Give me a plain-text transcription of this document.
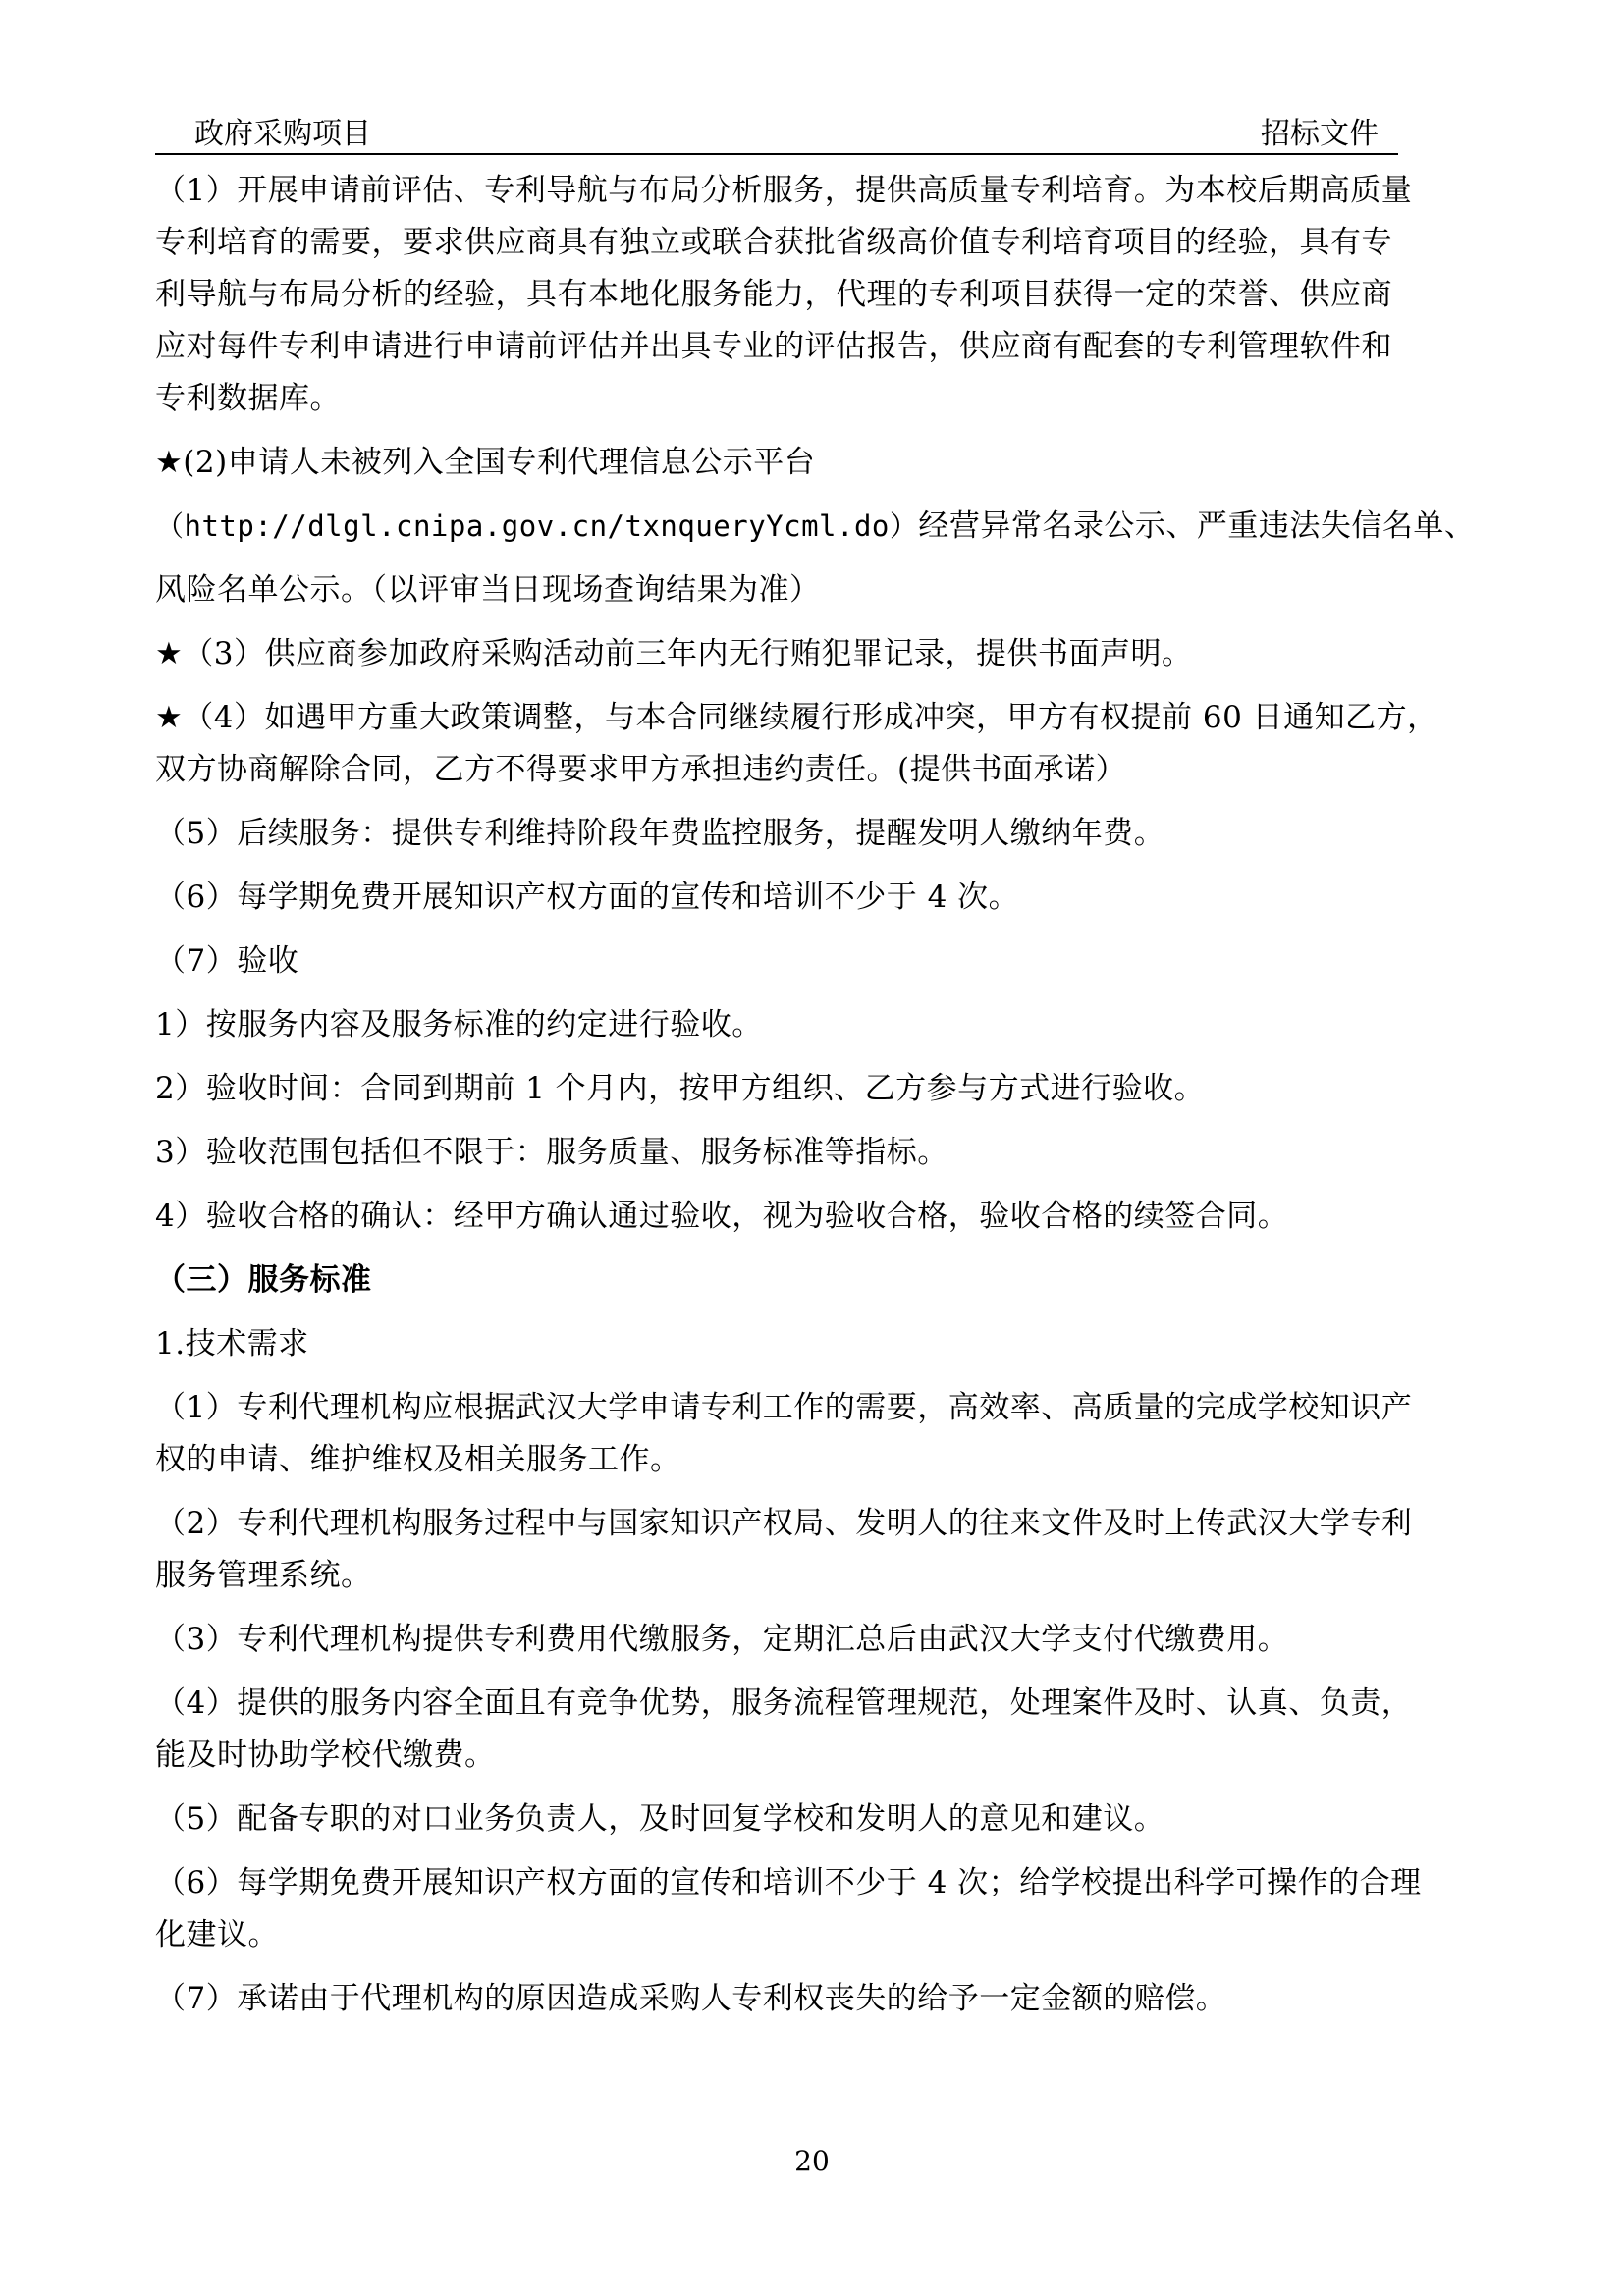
政府采购项目	招标文件

（1）开展申请前评估、专利导航与布局分析服务，提供高质量专利培育。为本校后期高质量

专利培育的需要，要求供应商具有独立或联合获批省级高价值专利培育项目的经验，具有专

利导航与布局分析的经验，具有本地化服务能力，代理的专利项目获得一定的荣誉、供应商

应对每件专利申请进行申请前评估并出具专业的评估报告，供应商有配套的专利管理软件和

专利数据库。

★(2)申请人未被列入全国专利代理信息公示平台

（http://dlgl.cnipa.gov.cn/txnqueryYcml.do）经营异常名录公示、严重违法失信名单、

风险名单公示。（以评审当日现场查询结果为准）

★（3）供应商参加政府采购活动前三年内无行贿犯罪记录，提供书面声明。

★（4）如遇甲方重大政策调整，与本合同继续履行形成冲突，甲方有权提前 60 日通知乙方，

双方协商解除合同，乙方不得要求甲方承担违约责任。(提供书面承诺）

（5）后续服务：提供专利维持阶段年费监控服务，提醒发明人缴纳年费。

（6）每学期免费开展知识产权方面的宣传和培训不少于 4 次。

（7）验收

1）按服务内容及服务标准的约定进行验收。

2）验收时间：合同到期前 1 个月内，按甲方组织、乙方参与方式进行验收。

3）验收范围包括但不限于：服务质量、服务标准等指标。

4）验收合格的确认：经甲方确认通过验收，视为验收合格，验收合格的续签合同。

（三）服务标准

1.技术需求

（1）专利代理机构应根据武汉大学申请专利工作的需要，高效率、高质量的完成学校知识产

权的申请、维护维权及相关服务工作。

（2）专利代理机构服务过程中与国家知识产权局、发明人的往来文件及时上传武汉大学专利

服务管理系统。

（3）专利代理机构提供专利费用代缴服务，定期汇总后由武汉大学支付代缴费用。

（4）提供的服务内容全面且有竞争优势，服务流程管理规范，处理案件及时、认真、负责，

能及时协助学校代缴费。

（5）配备专职的对口业务负责人，及时回复学校和发明人的意见和建议。

（6）每学期免费开展知识产权方面的宣传和培训不少于 4 次；给学校提出科学可操作的合理

化建议。

（7）承诺由于代理机构的原因造成采购人专利权丧失的给予一定金额的赔偿。

20
